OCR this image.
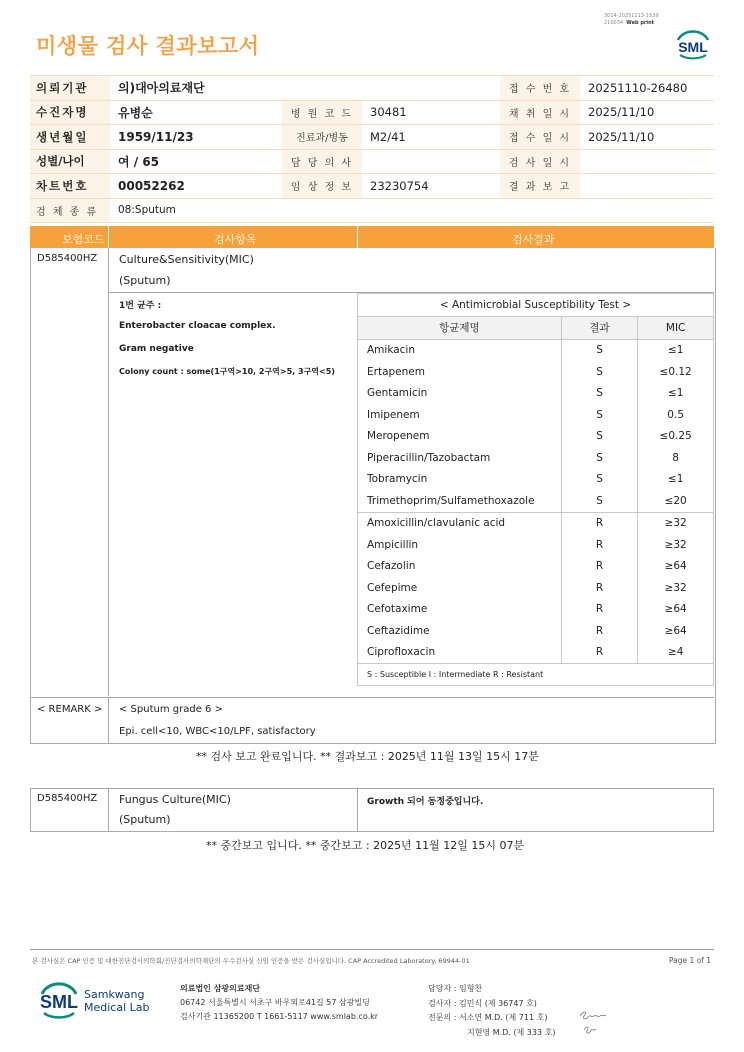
미생물 검사 결과보고서
3014-20251113-1539
210034 Web print
SML
의뢰기관	의)대아의료재단			접 수 번 호	20251110-26480
수진자명	유병순	병 원 코 드	30481	채 취 일 시	2025/11/10
생년월일	1959/11/23	진료과/병동	M2/41	접 수 일 시	2025/11/10
성별/나이	여 / 65	담 당 의 사		검 사 일 시	
차트번호	00052262	임 상 정 보	23230754	결 과 보 고	
검 체 종 류	08:Sputum				
보험코드	검사항목	검사결과
D585400HZ Culture&Sensitivity(MIC)
(Sputum)
1번 균주 :
Enterobacter cloacae complex.
Gram negative
Colony count : some(1구역>10, 2구역>5, 3구역<5)
< Antimicrobial Susceptibility Test >		
항균제명	결과	MIC
Amikacin	S	≤1
Ertapenem	S	≤0.12
Gentamicin	S	≤1
Imipenem	S	0.5
Meropenem	S	≤0.25
Piperacillin/Tazobactam	S	8
Tobramycin	S	≤1
Trimethoprim/Sulfamethoxazole	S	≤20
Amoxicillin/clavulanic acid	R	≥32
Ampicillin	R	≥32
Cefazolin	R	≥64
Cefepime	R	≥32
Cefotaxime	R	≥64
Ceftazidime	R	≥64
Ciprofloxacin	R	≥4
S : Susceptible I : Intermediate R : Resistant		
< REMARK > < Sputum grade 6 >
Epi. cell<10, WBC<10/LPF, satisfactory
** 검사 보고 완료입니다. ** 결과보고 : 2025년 11월 13일 15시 17분
D585400HZ Fungus Culture(MIC)
(Sputum)
Growth 되어 동정중입니다.
** 중간보고 입니다. ** 중간보고 : 2025년 11월 12일 15시 07분
본 검사실은 CAP 인증 및 대한진단검사의학회/진단검사의학재단의 우수검사실 신임 인증을 받은 검사실입니다. CAP Accredited Laboratory. 69944-01	Page 1 of 1
SML Samkwang
Medical Lab
의료법인 삼광의료재단
06742 서울특별시 서초구 바우뫼로41길 57 삼광빌딩
검사기관 11365200 T 1661-5117 www.smlab.co.kr
담당자 : 임형찬
검사자 : 김민식 (제 36747 호)
전문의 : 서소연 M.D. (제 711 호)
지현영 M.D. (제 333 호)
